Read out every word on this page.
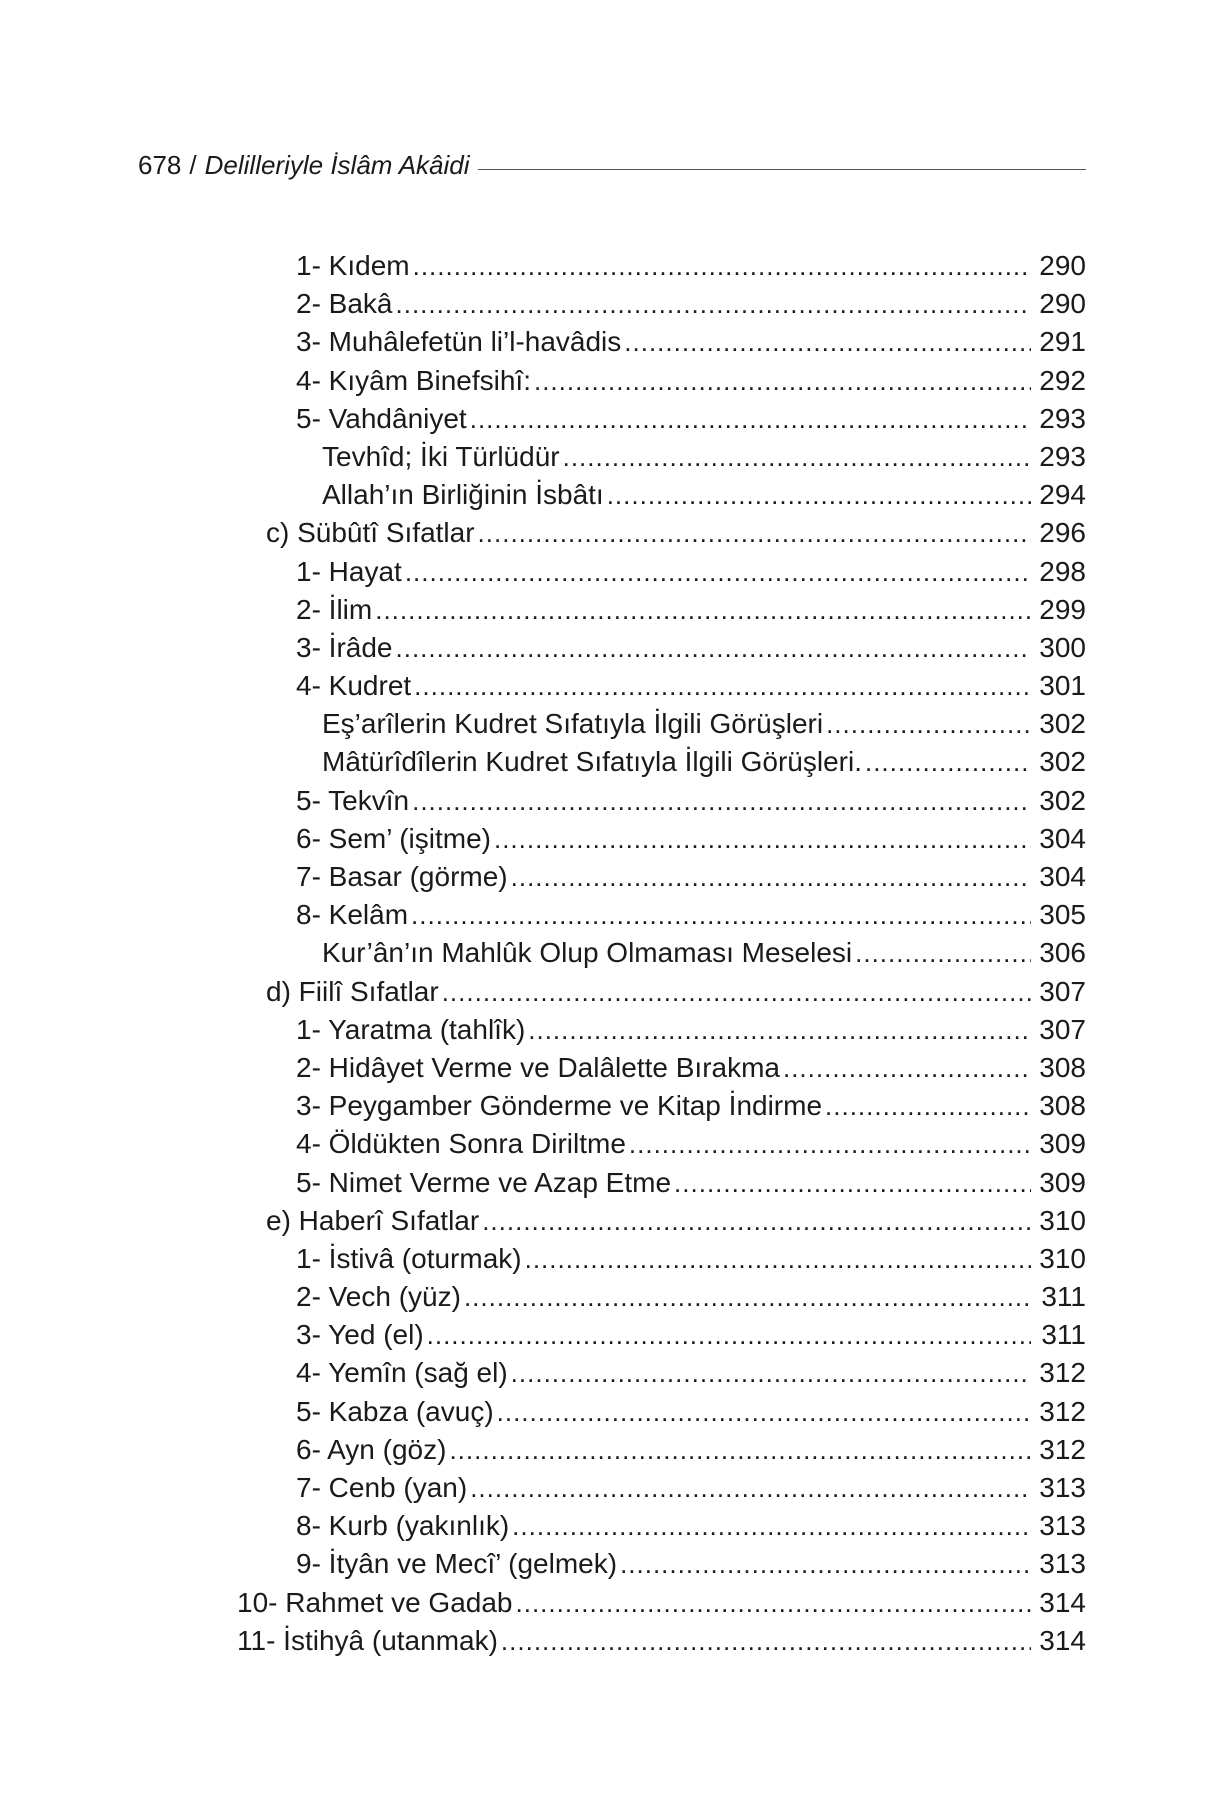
678 / Delilleriyle İslâm Akâidi
1- Kıdem .....	290
2- Bakâ .....	290
3- Muhâlefetün li’l-havâdis .....	291
4- Kıyâm Binefsihî: .....	292
5- Vahdâniyet .....	293
Tevhîd; İki Türlüdür .....	293
Allah’ın Birliğinin İsbâtı .....	294
c) Sübûtî Sıfatlar .....	296
1- Hayat .....	298
2- İlim .....	299
3- İrâde .....	300
4- Kudret .....	301
Eş’arîlerin Kudret Sıfatıyla İlgili Görüşleri .....	302
Mâtürîdîlerin Kudret Sıfatıyla İlgili Görüşleri. .....	302
5- Tekvîn .....	302
6- Sem’ (işitme) .....	304
7- Basar (görme) .....	304
8- Kelâm .....	305
Kur’ân’ın Mahlûk Olup Olmaması Meselesi .....	306
d) Fiilî Sıfatlar .....	307
1- Yaratma (tahlîk) .....	307
2- Hidâyet Verme ve Dalâlette Bırakma .....	308
3- Peygamber Gönderme ve Kitap İndirme .....	308
4- Öldükten Sonra Diriltme .....	309
5- Nimet Verme ve Azap Etme .....	309
e) Haberî Sıfatlar .....	310
1- İstivâ (oturmak) .....	310
2- Vech (yüz) .....	311
3- Yed (el) .....	311
4- Yemîn (sağ el) .....	312
5- Kabza (avuç) .....	312
6- Ayn (göz) .....	312
7- Cenb (yan) .....	313
8- Kurb (yakınlık) .....	313
9- İtyân ve Mecî’ (gelmek) .....	313
10- Rahmet ve Gadab .....	314
11- İstihyâ (utanmak) .....	314
